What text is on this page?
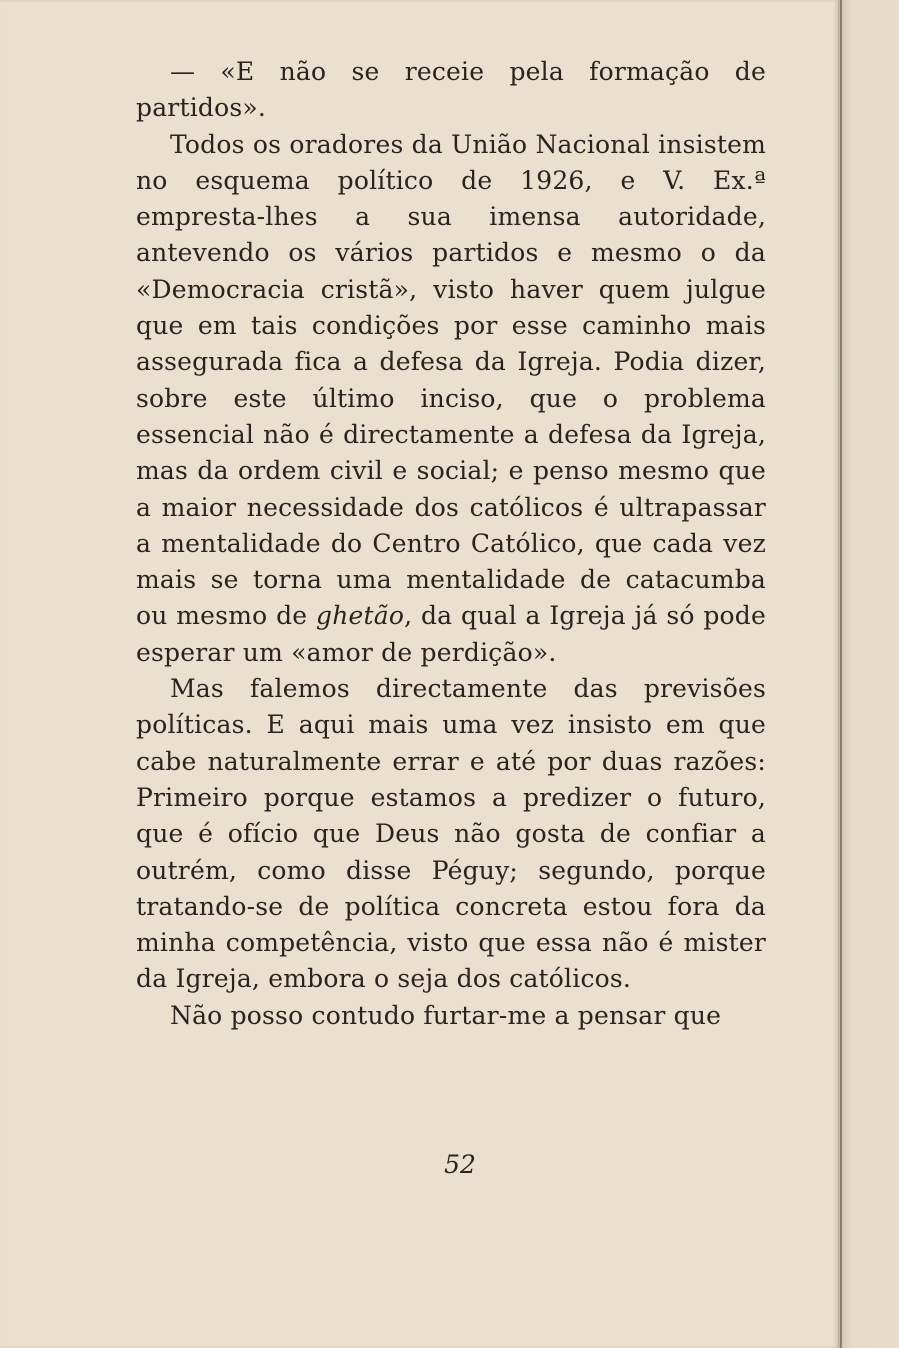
— «E não se receie pela formação de partidos».

Todos os oradores da União Nacional insistem no esquema político de 1926, e V. Ex.ª empresta-lhes a sua imensa autoridade, antevendo os vários partidos e mesmo o da «Democracia cristã», visto haver quem julgue que em tais condições por esse caminho mais assegurada fica a defesa da Igreja. Podia dizer, sobre este último inciso, que o problema essencial não é directamente a defesa da Igreja, mas da ordem civil e social; e penso mesmo que a maior necessidade dos católicos é ultrapassar a mentalidade do Centro Católico, que cada vez mais se torna uma mentalidade de catacumba ou mesmo de ghetão, da qual a Igreja já só pode esperar um «amor de perdição».

Mas falemos directamente das previsões políticas. E aqui mais uma vez insisto em que cabe naturalmente errar e até por duas razões: Primeiro porque estamos a predizer o futuro, que é ofício que Deus não gosta de confiar a outrém, como disse Péguy; segundo, porque tratando-se de política concreta estou fora da minha competência, visto que essa não é mister da Igreja, embora o seja dos católicos.

Não posso contudo furtar-me a pensar que

52
